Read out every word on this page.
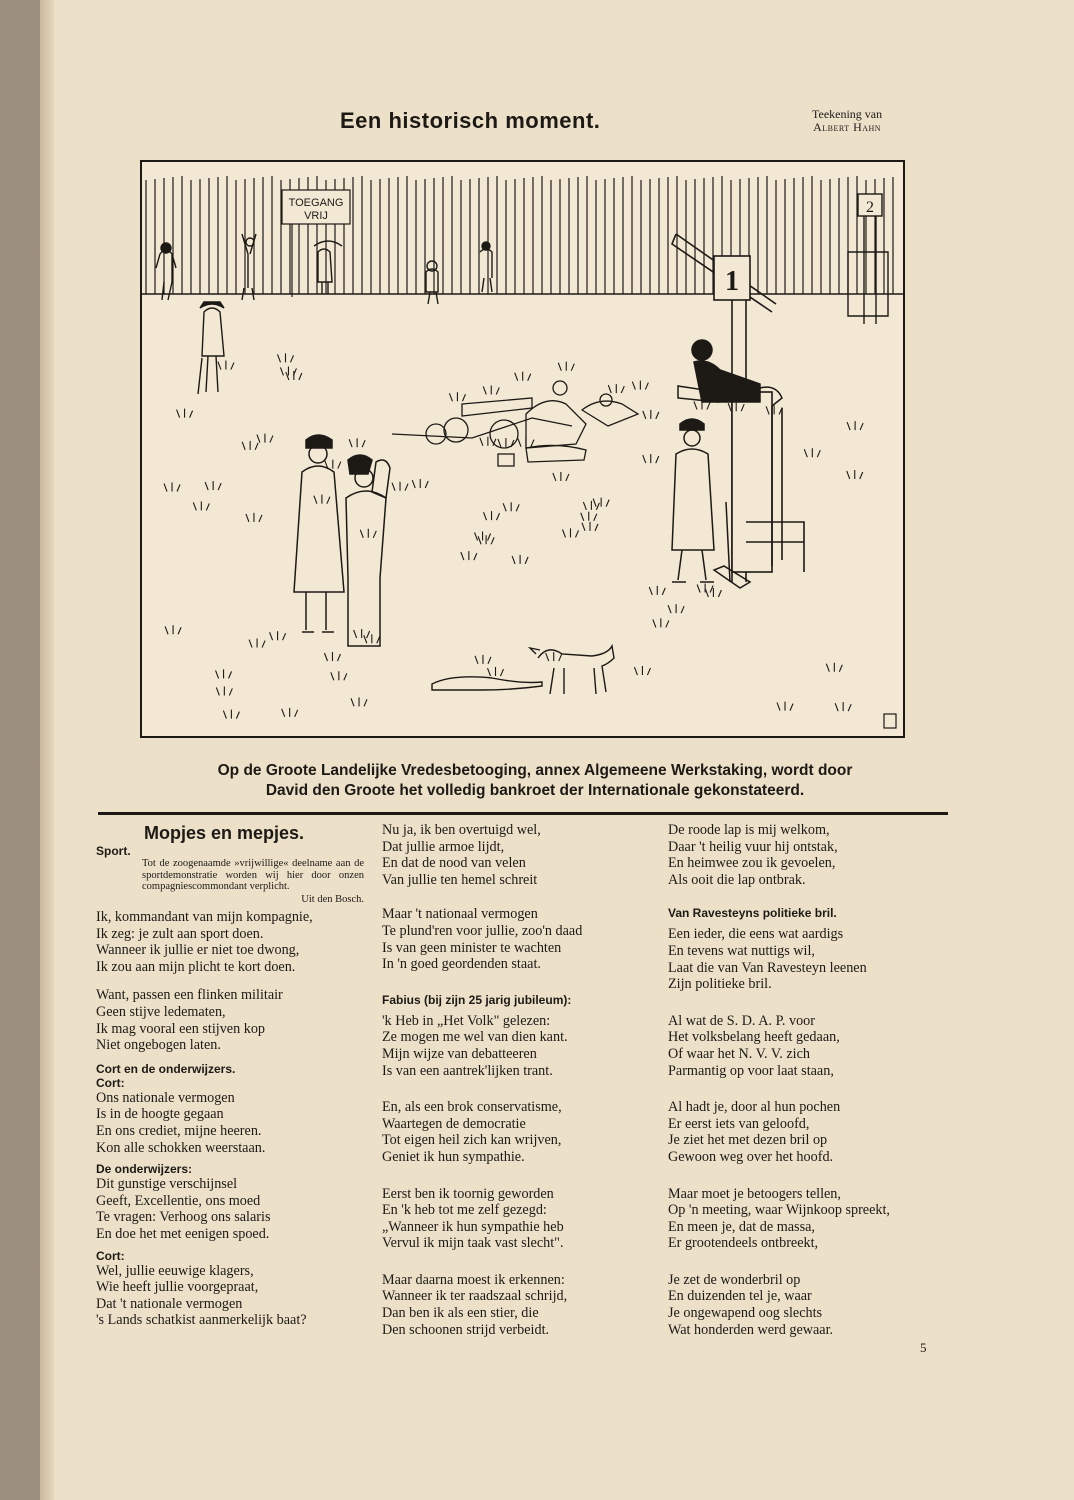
Een historisch moment.	Teekening van
Albert Hahn
TOEGANG
VRIJ
1
2
Op de Groote Landelijke Vredesbetooging, annex Algemeene Werkstaking, wordt door
David den Groote het volledig bankroet der Internationale gekonstateerd.
Mopjes en mepjes.
Sport.
Tot de zoogenaamde »vrijwillige« deelname aan de sportdemonstratie worden wij hier door onzen compagniescommondant verplicht.
Uit den Bosch.
Ik, kommandant van mijn kompagnie,
Ik zeg: je zult aan sport doen.
Wanneer ik jullie er niet toe dwong,
Ik zou aan mijn plicht te kort doen.
Want, passen een flinken militair
Geen stijve ledematen,
Ik mag vooral een stijven kop
Niet ongebogen laten.
Cort en de onderwijzers.
Cort:
Ons nationale vermogen
Is in de hoogte gegaan
En ons crediet, mijne heeren.
Kon alle schokken weerstaan.
De onderwijzers:
Dit gunstige verschijnsel
Geeft, Excellentie, ons moed
Te vragen: Verhoog ons salaris
En doe het met eenigen spoed.
Cort:
Wel, jullie eeuwige klagers,
Wie heeft jullie voorgepraat,
Dat 't nationale vermogen
's Lands schatkist aanmerkelijk baat?
Nu ja, ik ben overtuigd wel,
Dat jullie armoe lijdt,
En dat de nood van velen
Van jullie ten hemel schreit
Maar 't nationaal vermogen
Te plund'ren voor jullie, zoo'n daad
Is van geen minister te wachten
In 'n goed geordenden staat.
Fabius (bij zijn 25 jarig jubileum):
'k Heb in „Het Volk" gelezen:
Ze mogen me wel van dien kant.
Mijn wijze van debatteeren
Is van een aantrek'lijken trant.
En, als een brok conservatisme,
Waartegen de democratie
Tot eigen heil zich kan wrijven,
Geniet ik hun sympathie.
Eerst ben ik toornig geworden
En 'k heb tot me zelf gezegd:
„Wanneer ik hun sympathie heb
Vervul ik mijn taak vast slecht".
Maar daarna moest ik erkennen:
Wanneer ik ter raadszaal schrijd,
Dan ben ik als een stier, die
Den schoonen strijd verbeidt.
De roode lap is mij welkom,
Daar 't heilig vuur hij ontstak,
En heimwee zou ik gevoelen,
Als ooit die lap ontbrak.
Van Ravesteyns politieke bril.
Een ieder, die eens wat aardigs
En tevens wat nuttigs wil,
Laat die van Van Ravesteyn leenen
Zijn politieke bril.
Al wat de S. D. A. P. voor
Het volksbelang heeft gedaan,
Of waar het N. V. V. zich
Parmantig op voor laat staan,
Al hadt je, door al hun pochen
Er eerst iets van geloofd,
Je ziet het met dezen bril op
Gewoon weg over het hoofd.
Maar moet je betoogers tellen,
Op 'n meeting, waar Wijnkoop spreekt,
En meen je, dat de massa,
Er grootendeels ontbreekt,
Je zet de wonderbril op
En duizenden tel je, waar
Je ongewapend oog slechts
Wat honderden werd gewaar.
5
